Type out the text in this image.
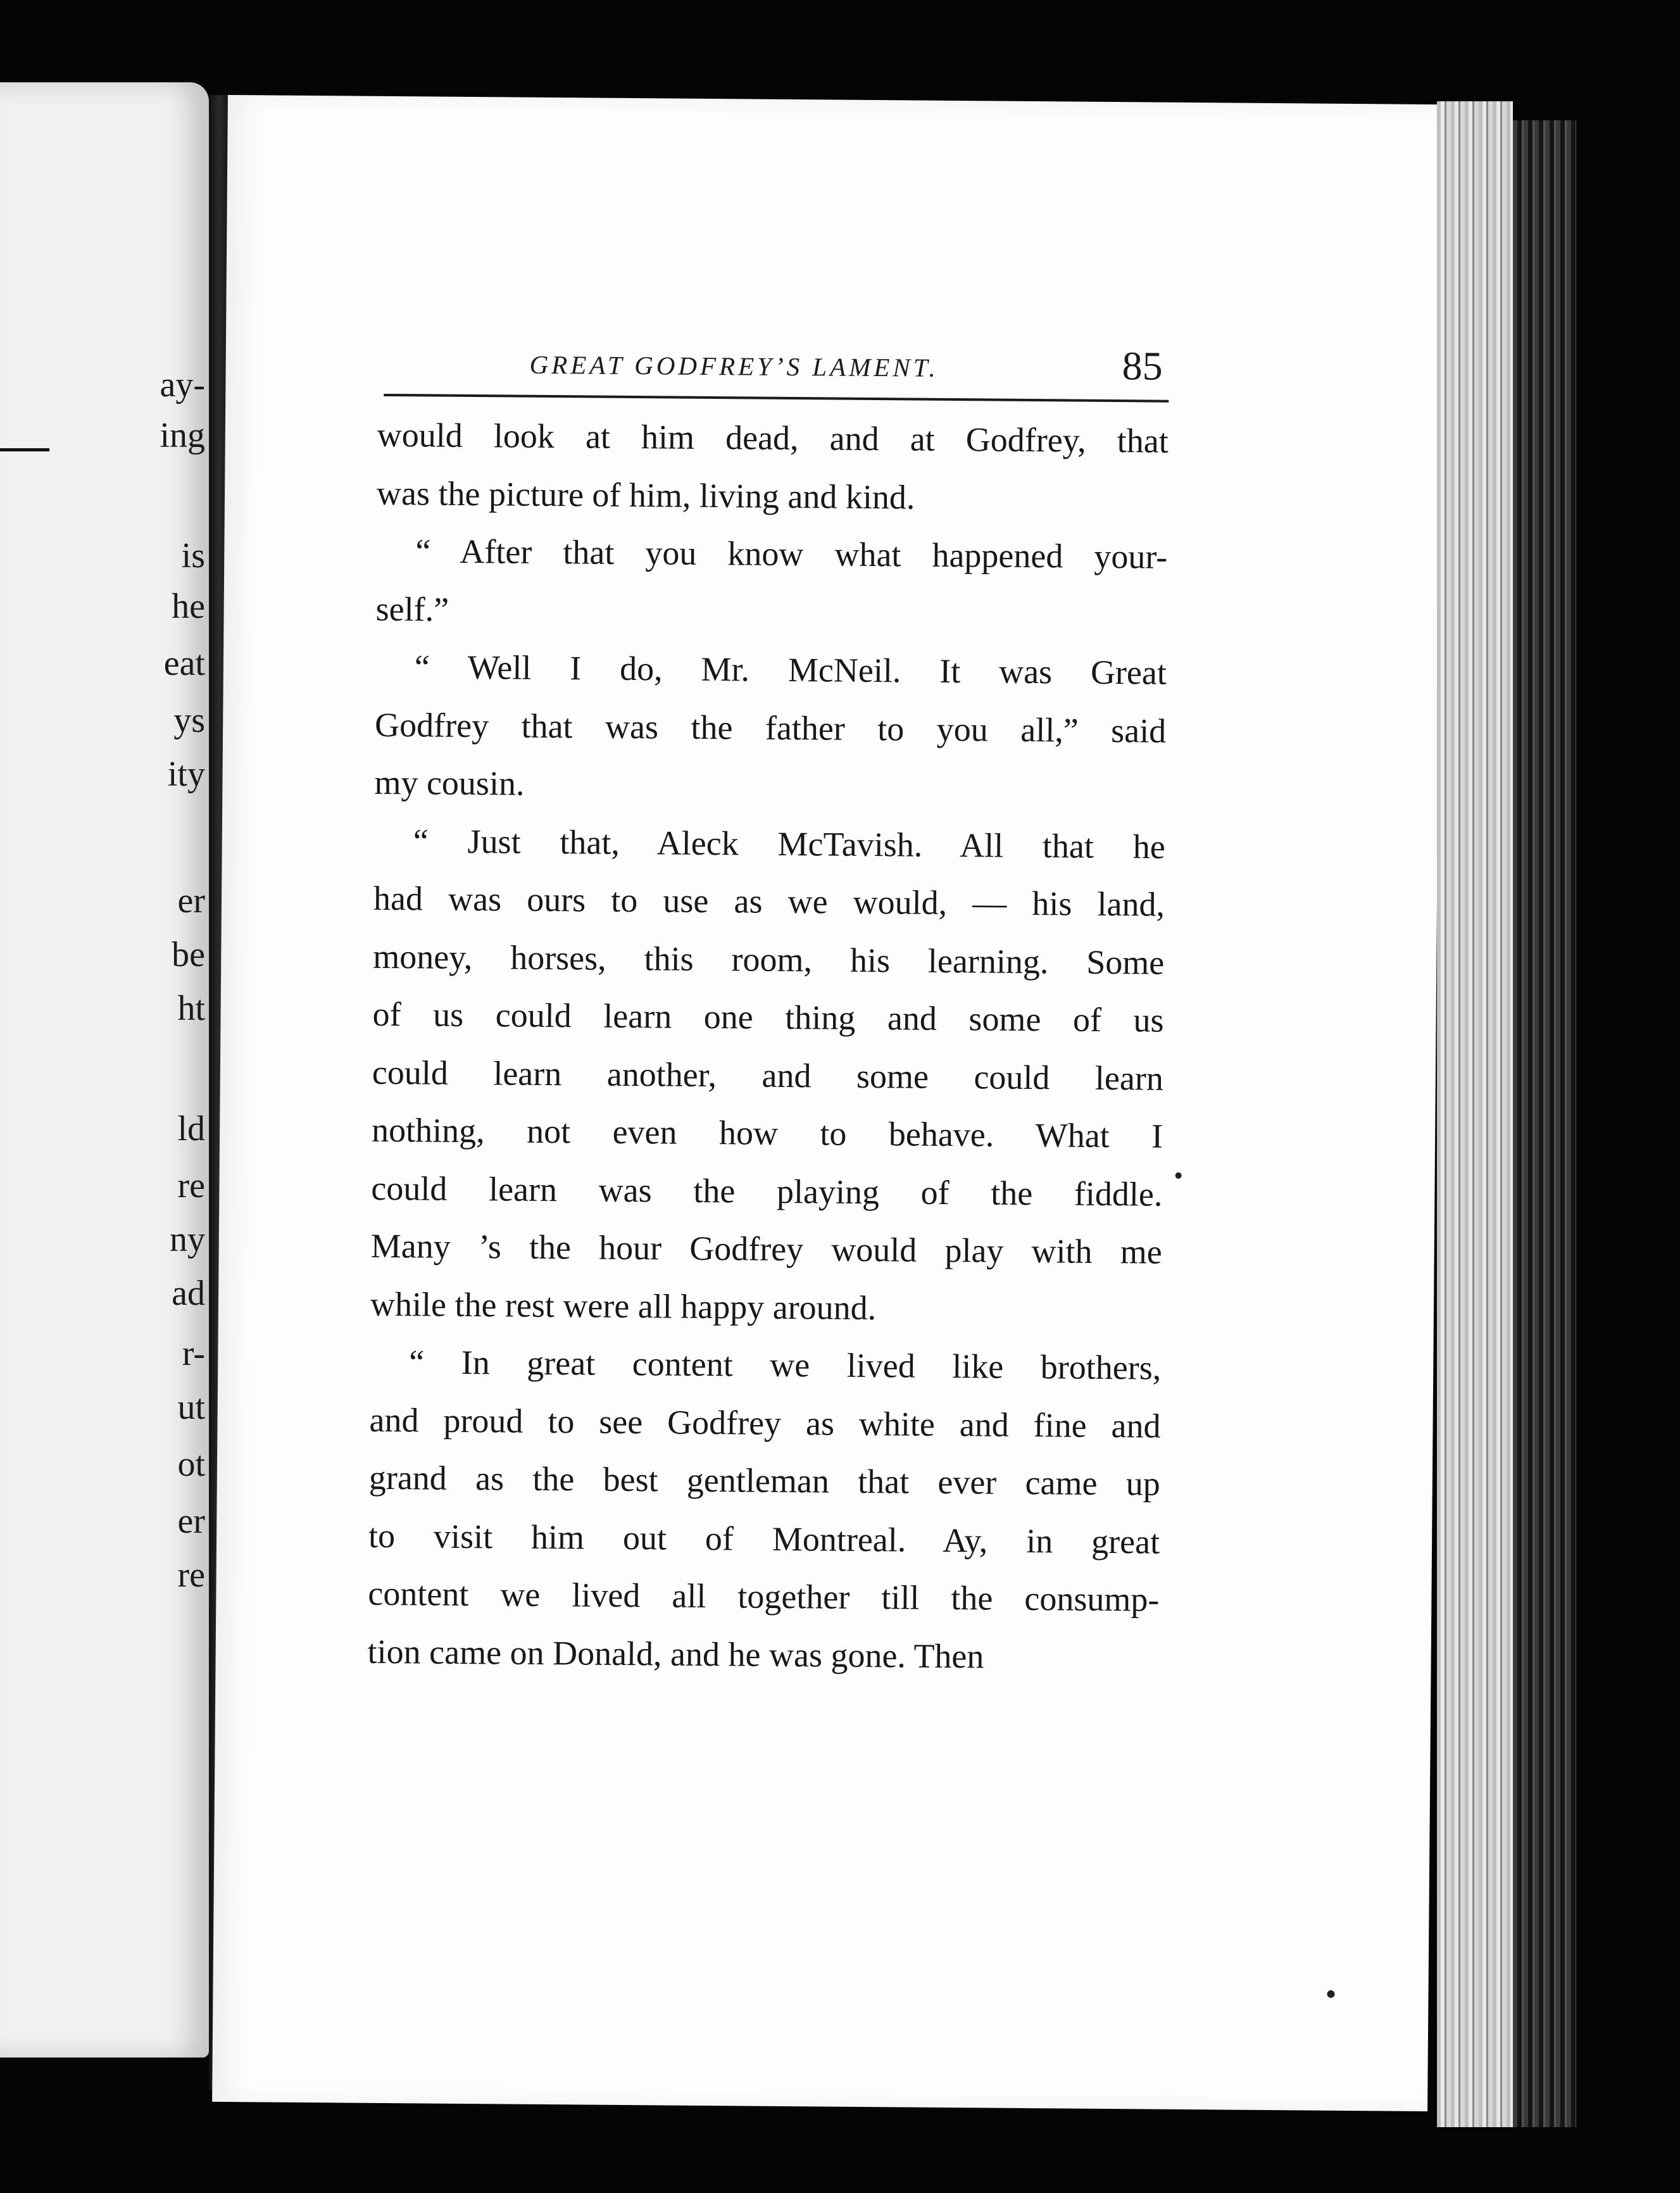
ay-
ing
is
he
eat
ys
ity
er
be
ht
ld
re
ny
ad
r-
ut
ot
er
re
GREAT GODFREY’S LAMENT.	85
would look at him dead, and at Godfrey, that
was the picture of him, living and kind.
“ After that you know what happened your-
self.”
“ Well I do, Mr. McNeil. It was Great
Godfrey that was the father to you all,” said
my cousin.
“ Just that, Aleck McTavish. All that he
had was ours to use as we would, — his land,
money, horses, this room, his learning. Some
of us could learn one thing and some of us
could learn another, and some could learn
nothing, not even how to behave. What I
could learn was the playing of the fiddle.
Many ’s the hour Godfrey would play with me
while the rest were all happy around.
“ In great content we lived like brothers,
and proud to see Godfrey as white and fine and
grand as the best gentleman that ever came up
to visit him out of Montreal. Ay, in great
content we lived all together till the consump-
tion came on Donald, and he was gone. Then
